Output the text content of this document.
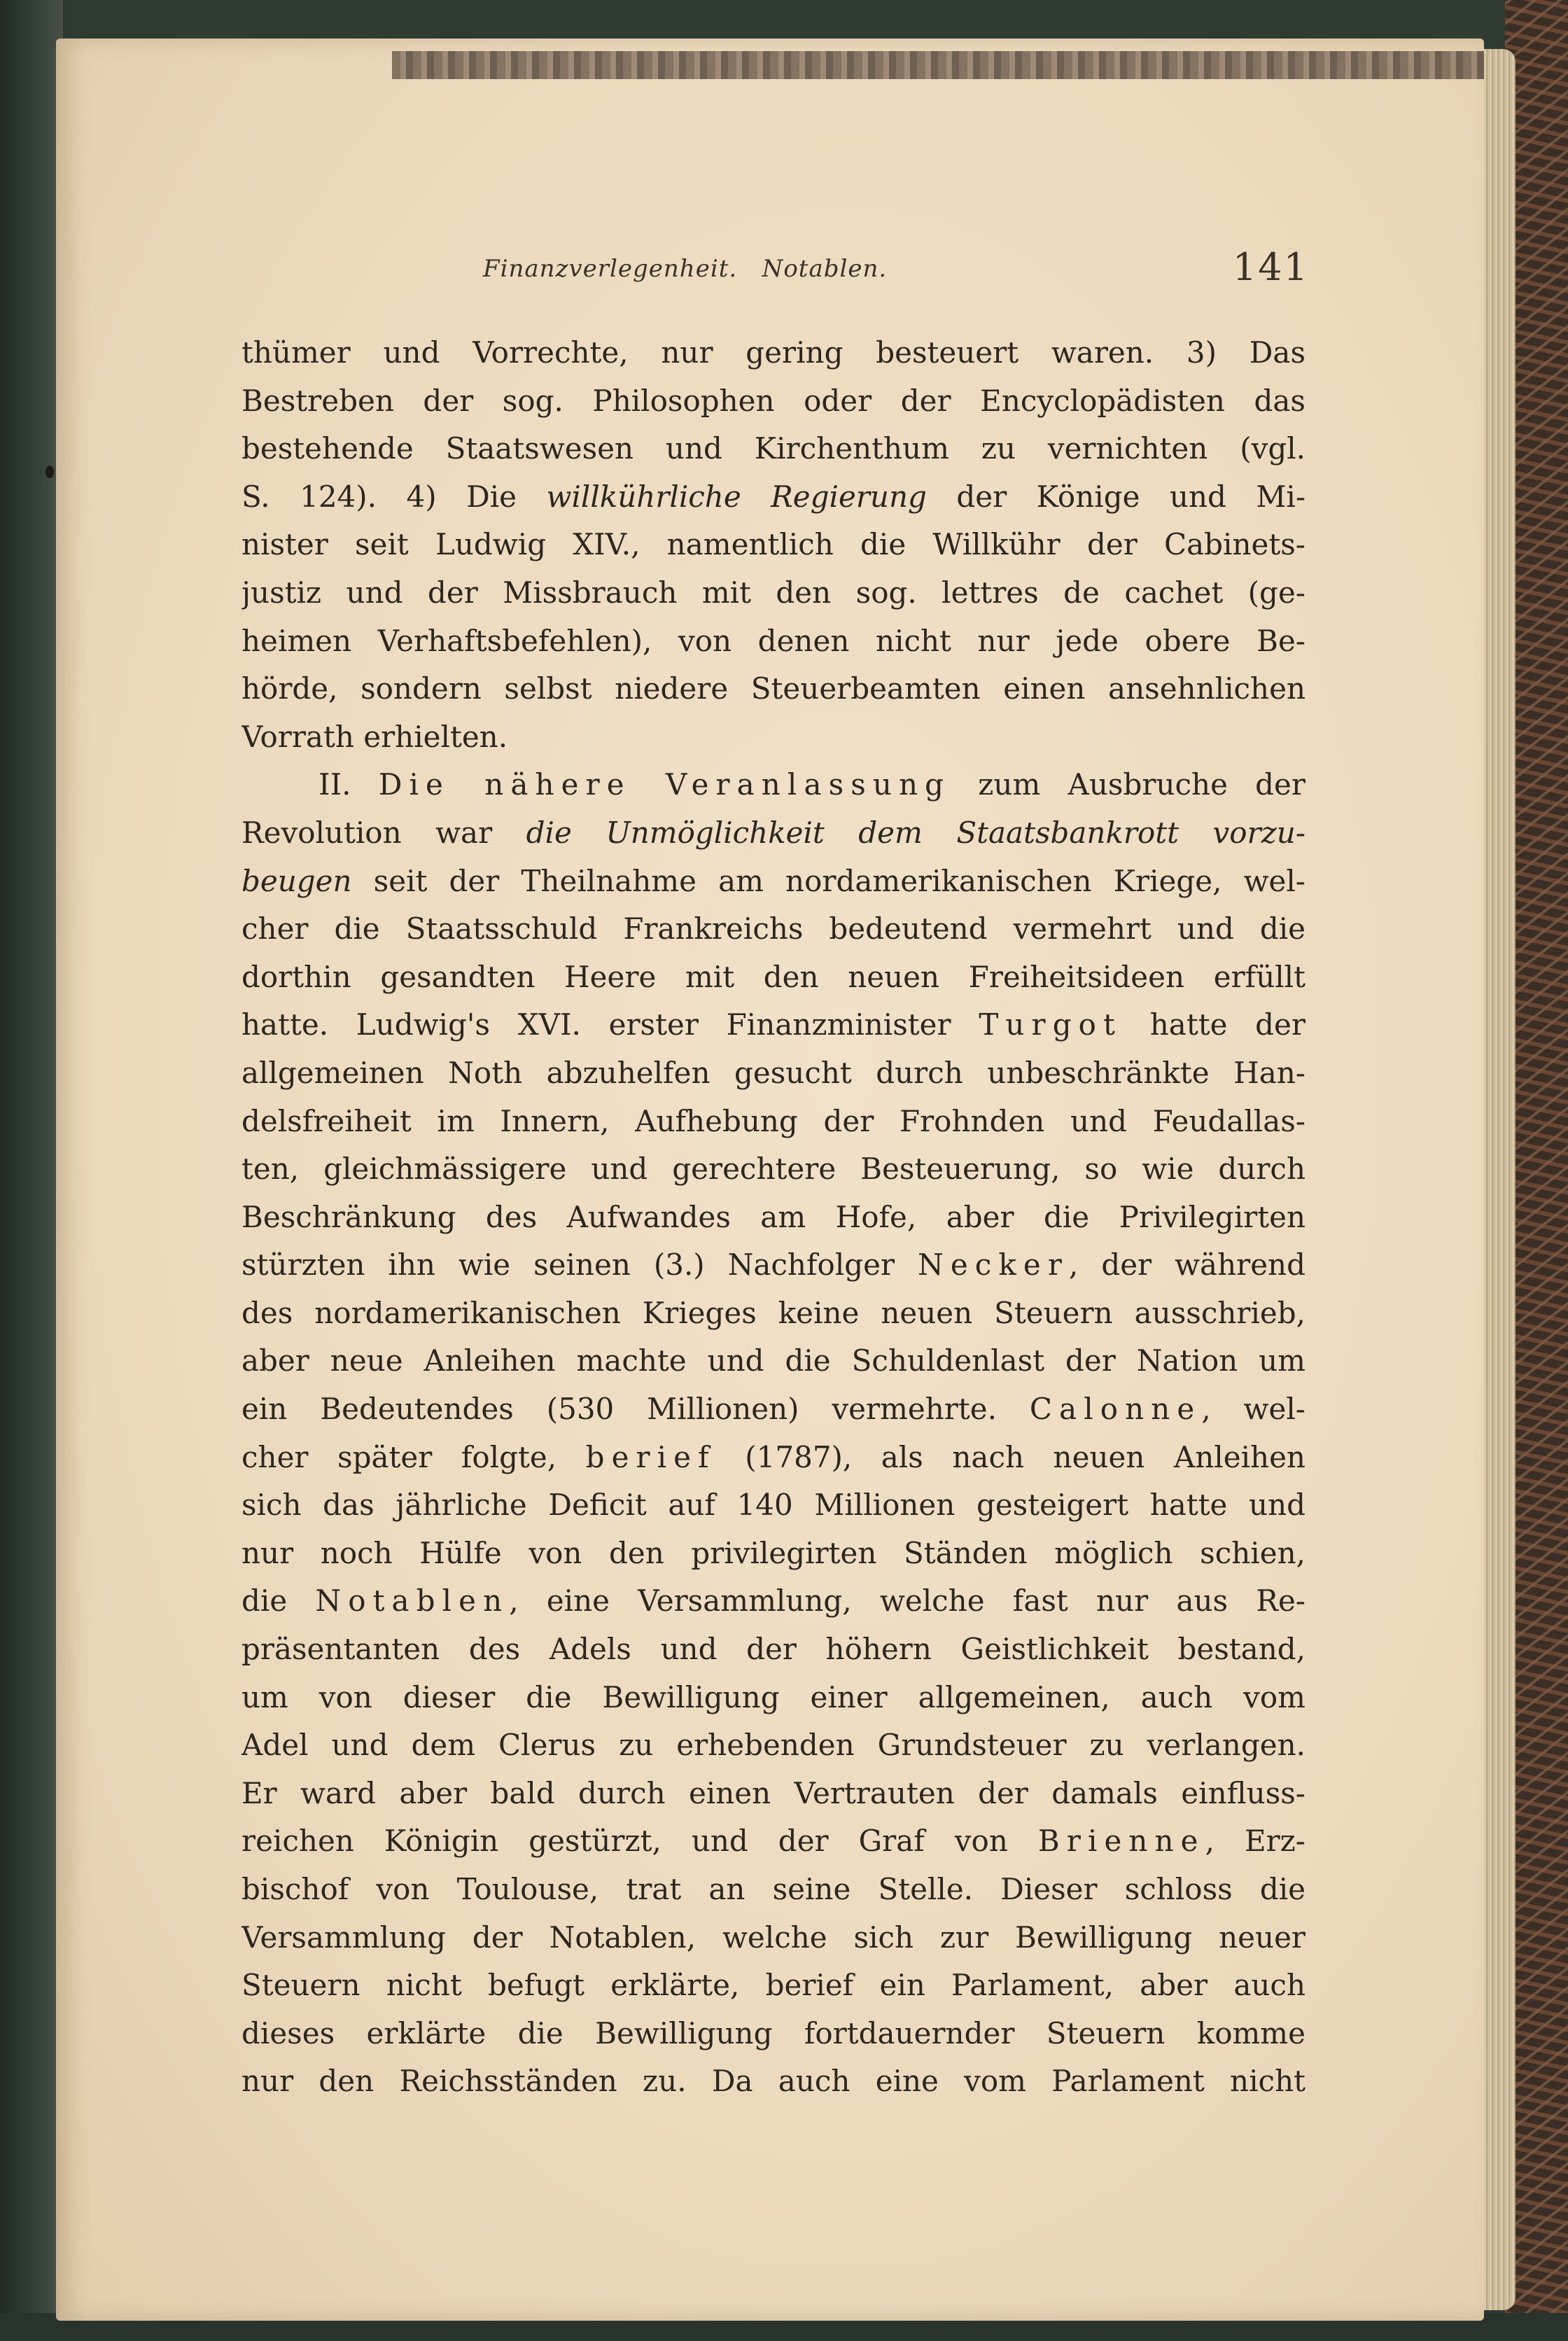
Finanzverlegenheit.   Notablen.	141
thümer und Vorrechte, nur gering besteuert waren. 3) Das
Bestreben der sog. Philosophen oder der Encyclopädisten das
bestehende Staatswesen und Kirchenthum zu vernichten (vgl.
S. 124). 4) Die willkührliche Regierung der Könige und Mi-
nister seit Ludwig XIV., namentlich die Willkühr der Cabinets-
justiz und der Missbrauch mit den sog. lettres de cachet (ge-
heimen Verhaftsbefehlen), von denen nicht nur jede obere Be-
hörde, sondern selbst niedere Steuerbeamten einen ansehnlichen
Vorrath erhielten.
II. Die nähere Veranlassung zum Ausbruche der
Revolution war die Unmöglichkeit dem Staatsbankrott vorzu-
beugen seit der Theilnahme am nordamerikanischen Kriege, wel-
cher die Staatsschuld Frankreichs bedeutend vermehrt und die
dorthin gesandten Heere mit den neuen Freiheitsideen erfüllt
hatte. Ludwig's XVI. erster Finanzminister Turgot hatte der
allgemeinen Noth abzuhelfen gesucht durch unbeschränkte Han-
delsfreiheit im Innern, Aufhebung der Frohnden und Feudallas-
ten, gleichmässigere und gerechtere Besteuerung, so wie durch
Beschränkung des Aufwandes am Hofe, aber die Privilegirten
stürzten ihn wie seinen (3.) Nachfolger Necker, der während
des nordamerikanischen Krieges keine neuen Steuern ausschrieb,
aber neue Anleihen machte und die Schuldenlast der Nation um
ein Bedeutendes (530 Millionen) vermehrte. Calonne, wel-
cher später folgte, berief (1787), als nach neuen Anleihen
sich das jährliche Deficit auf 140 Millionen gesteigert hatte und
nur noch Hülfe von den privilegirten Ständen möglich schien,
die Notablen, eine Versammlung, welche fast nur aus Re-
präsentanten des Adels und der höhern Geistlichkeit bestand,
um von dieser die Bewilligung einer allgemeinen, auch vom
Adel und dem Clerus zu erhebenden Grundsteuer zu verlangen.
Er ward aber bald durch einen Vertrauten der damals einfluss-
reichen Königin gestürzt, und der Graf von Brienne, Erz-
bischof von Toulouse, trat an seine Stelle. Dieser schloss die
Versammlung der Notablen, welche sich zur Bewilligung neuer
Steuern nicht befugt erklärte, berief ein Parlament, aber auch
dieses erklärte die Bewilligung fortdauernder Steuern komme
nur den Reichsständen zu. Da auch eine vom Parlament nicht
